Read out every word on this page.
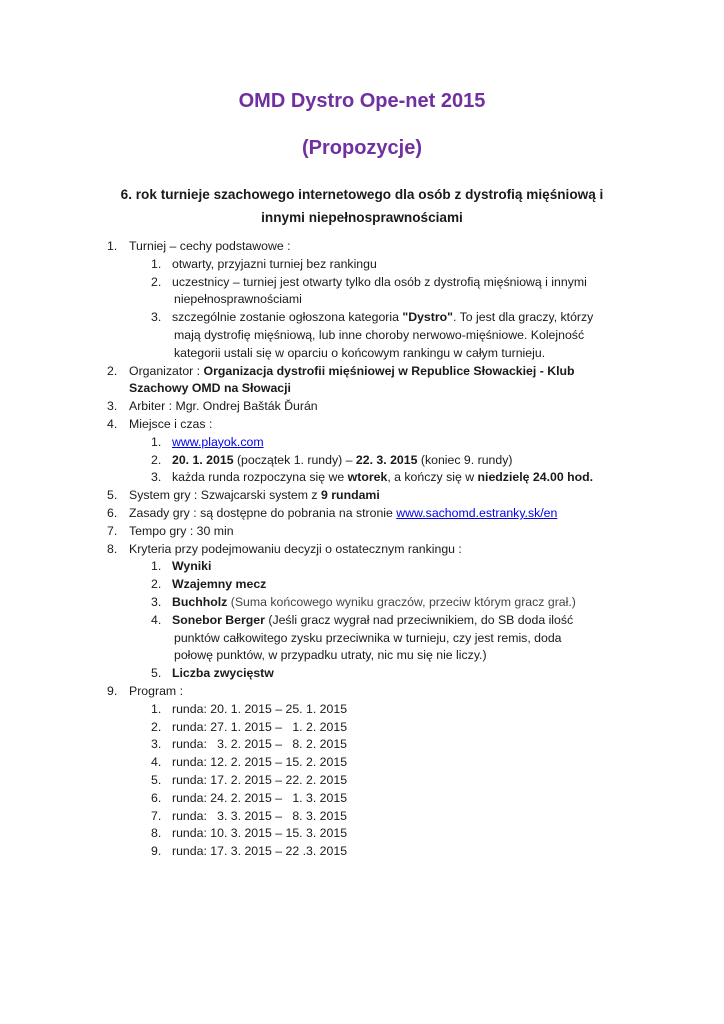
OMD Dystro Ope-net 2015
(Propozycje)
6. rok turnieje szachowego internetowego dla osób z dystrofią mięśniową i
innymi niepełnosprawnościami
1. Turniej – cechy podstawowe :
1. otwarty, przyjazni turniej bez rankingu
2. uczestnicy – turniej jest otwarty tylko dla osób z dystrofią mięśniową i innymi
niepełnosprawnościami
3. szczególnie zostanie ogłoszona kategoria "Dystro". To jest dla graczy, którzy
mają dystrofię mięśniową, lub inne choroby nerwowo-mięśniowe. Kolejność
kategorii ustali się w oparciu o końcowym rankingu w całym turnieju.
2. Organizator : Organizacja dystrofii mięśniowej w Republice Słowackiej - Klub
Szachowy OMD na Słowacji
3. Arbiter : Mgr. Ondrej Bašták Ďurán
4. Miejsce i czas :
1. www.playok.com
2. 20. 1. 2015 (początek 1. rundy) – 22. 3. 2015 (koniec 9. rundy)
3. każda runda rozpoczyna się we wtorek, a kończy się w niedzielę 24.00 hod.
5. System gry : Szwajcarski system z 9 rundami
6. Zasady gry : są dostępne do pobrania na stronie www.sachomd.estranky.sk/en
7. Tempo gry : 30 min
8. Kryteria przy podejmowaniu decyzji o ostatecznym rankingu :
1. Wyniki
2. Wzajemny mecz
3. Buchholz (Suma końcowego wyniku graczów, przeciw którym gracz grał.)
4. Sonebor Berger (Jeśli gracz wygrał nad przeciwnikiem, do SB doda ilość
punktów całkowitego zysku przeciwnika w turnieju, czy jest remis, doda
połowę punktów, w przypadku utraty, nic mu się nie liczy.)
5. Liczba zwycięstw
9. Program :
1. runda: 20. 1. 2015 – 25. 1. 2015
2. runda: 27. 1. 2015 –   1. 2. 2015
3. runda:   3. 2. 2015 –   8. 2. 2015
4. runda: 12. 2. 2015 – 15. 2. 2015
5. runda: 17. 2. 2015 – 22. 2. 2015
6. runda: 24. 2. 2015 –   1. 3. 2015
7. runda:   3. 3. 2015 –   8. 3. 2015
8. runda: 10. 3. 2015 – 15. 3. 2015
9. runda: 17. 3. 2015 – 22 .3. 2015
